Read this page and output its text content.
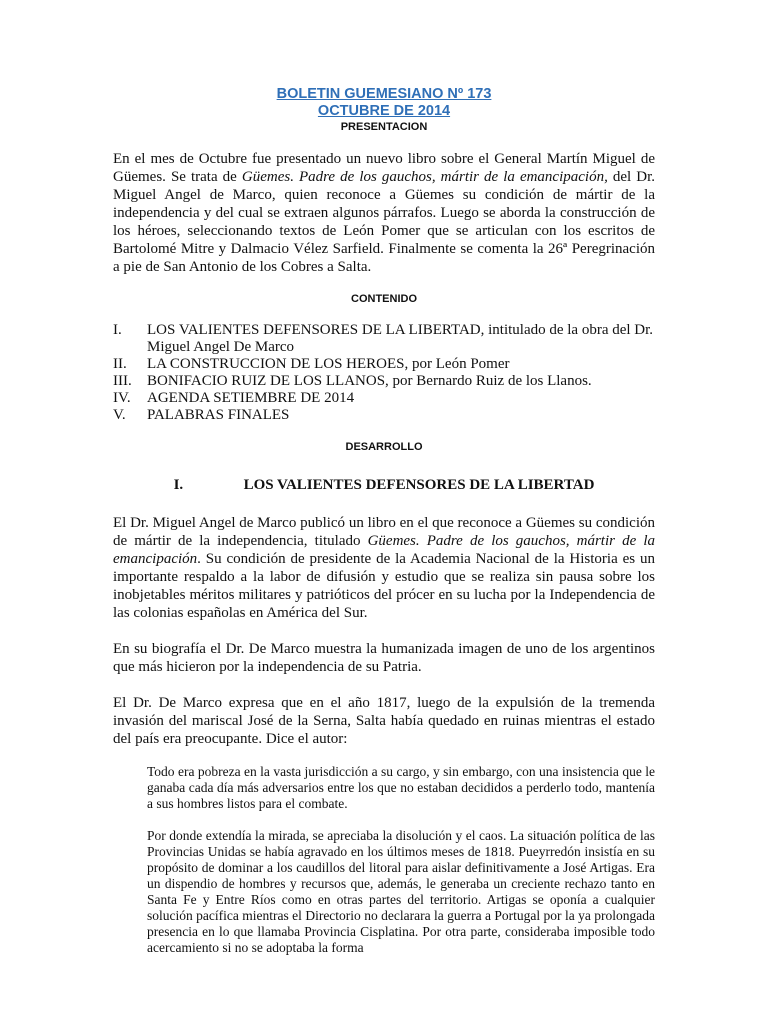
BOLETIN GUEMESIANO Nº 173
OCTUBRE DE 2014
PRESENTACION

En el mes de Octubre fue presentado un nuevo libro sobre el General Martín Miguel de Güemes. Se trata de Güemes. Padre de los gauchos, mártir de la emancipación, del Dr. Miguel Angel de Marco, quien reconoce a Güemes su condición de mártir de la independencia y del cual se extraen algunos párrafos. Luego se aborda la construcción de los héroes, seleccionando textos de León Pomer que se articulan con los escritos de Bartolomé Mitre y Dalmacio Vélez Sarfield. Finalmente se comenta la 26ª Peregrinación a pie de San Antonio de los Cobres a Salta.

CONTENIDO
I.	LOS VALIENTES DEFENSORES DE LA LIBERTAD, intitulado de la obra del Dr. Miguel Angel De Marco
II.	LA CONSTRUCCION DE LOS HEROES, por León Pomer
III.	BONIFACIO RUIZ DE LOS LLANOS, por Bernardo Ruiz de los Llanos.
IV.	AGENDA SETIEMBRE DE 2014
V.	PALABRAS FINALES
DESARROLLO
I.	LOS VALIENTES DEFENSORES DE LA LIBERTAD

El Dr. Miguel Angel de Marco publicó un libro en el que reconoce a Güemes su condición de mártir de la independencia, titulado Güemes. Padre de los gauchos, mártir de la emancipación. Su condición de presidente de la Academia Nacional de la Historia es un importante respaldo a la labor de difusión y estudio que se realiza sin pausa sobre los inobjetables méritos militares y patrióticos del prócer en su lucha por la Independencia de las colonias españolas en América del Sur.

En su biografía el Dr. De Marco muestra la humanizada imagen de uno de los argentinos que más hicieron por la independencia de su Patria.

El Dr. De Marco expresa que en el año 1817, luego de la expulsión de la tremenda invasión del mariscal José de la Serna, Salta había quedado en ruinas mientras el estado del país era preocupante. Dice el autor:

Todo era pobreza en la vasta jurisdicción a su cargo, y sin embargo, con una insistencia que le ganaba cada día más adversarios entre los que no estaban decididos a perderlo todo, mantenía a sus hombres listos para el combate.

Por donde extendía la mirada, se apreciaba la disolución y el caos. La situación política de las Provincias Unidas se había agravado en los últimos meses de 1818. Pueyrredón insistía en su propósito de dominar a los caudillos del litoral para aislar definitivamente a José Artigas. Era un dispendio de hombres y recursos que, además, le generaba un creciente rechazo tanto en Santa Fe y Entre Ríos como en otras partes del territorio. Artigas se oponía a cualquier solución pacífica mientras el Directorio no declarara la guerra a Portugal por la ya prolongada presencia en lo que llamaba Provincia Cisplatina. Por otra parte, consideraba imposible todo acercamiento si no se adoptaba la forma
